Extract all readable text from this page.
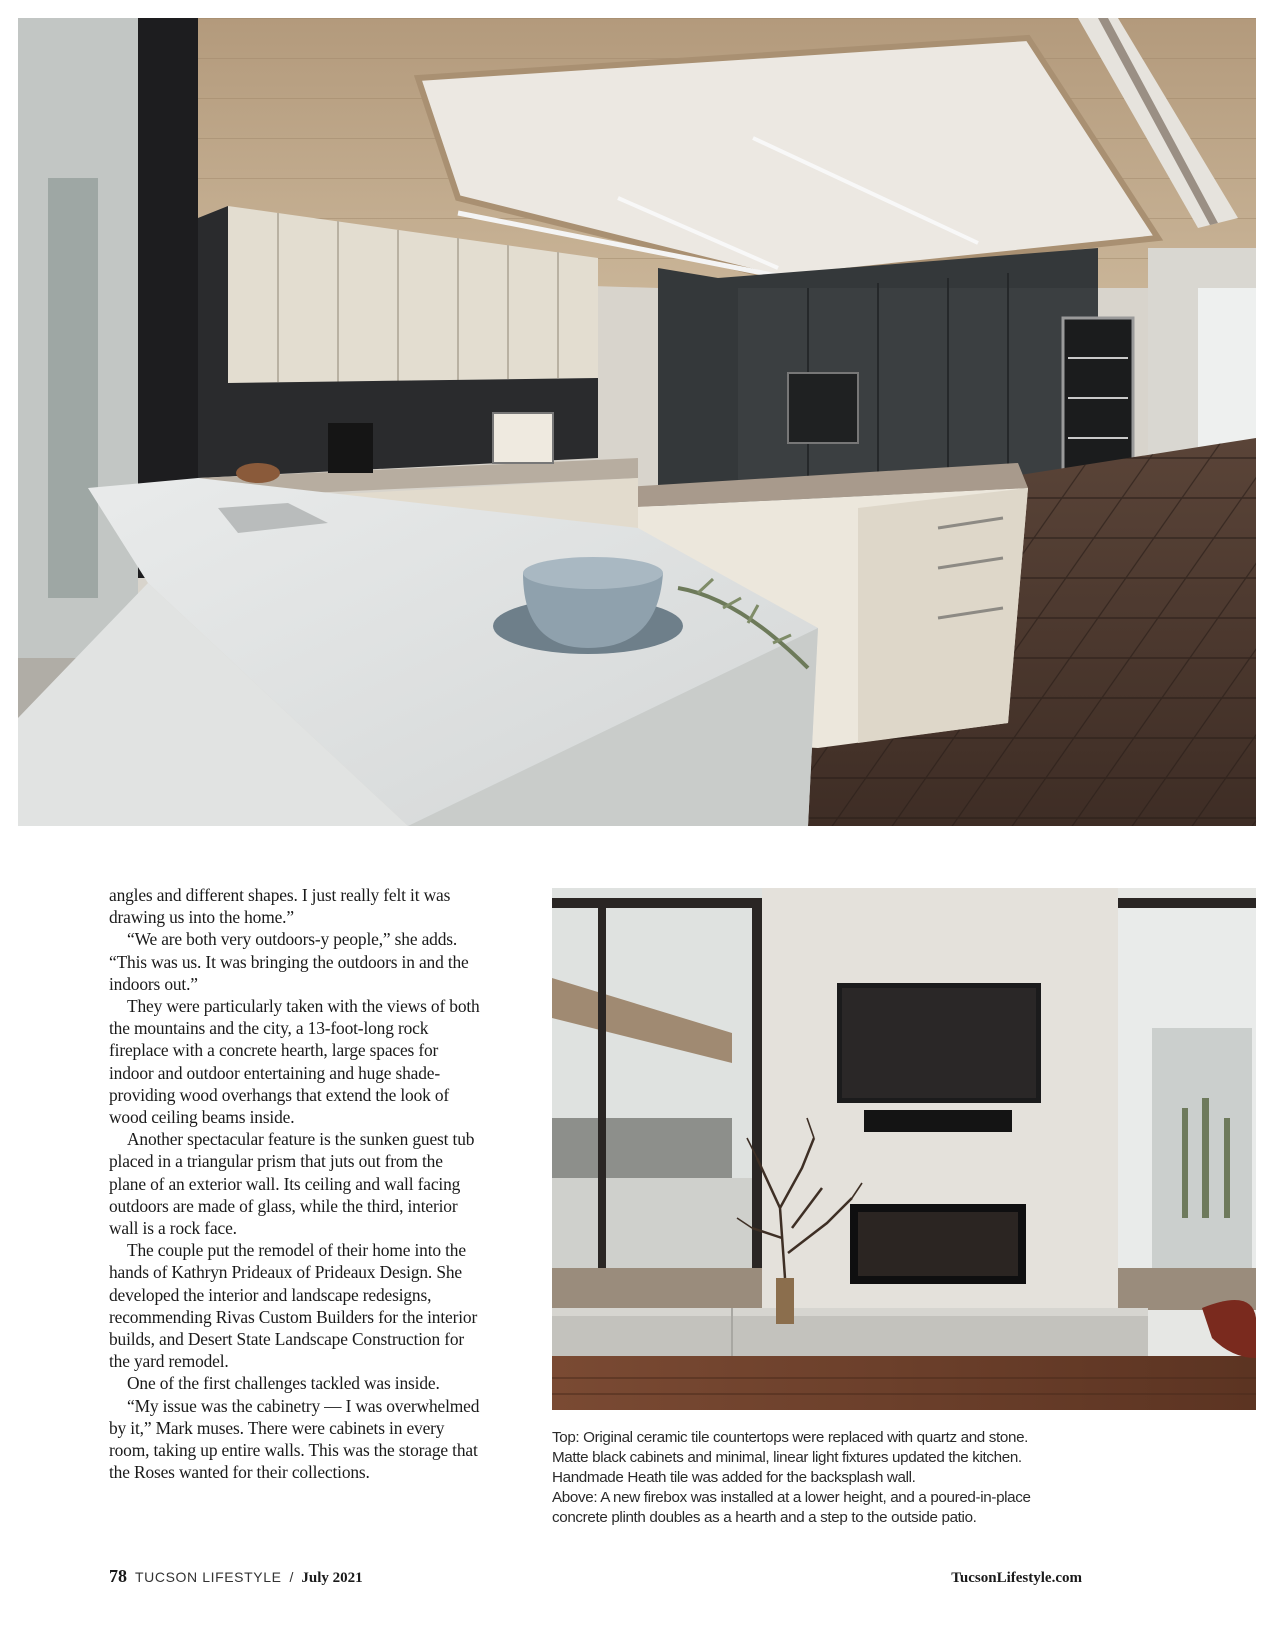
angles and different shapes. I just really felt it was drawing us into the home.”

“We are both very outdoors-y people,” she adds. “This was us. It was bringing the outdoors in and the indoors out.”

They were particularly taken with the views of both the mountains and the city, a 13-foot-long rock fireplace with a concrete hearth, large spaces for indoor and outdoor entertaining and huge shade-providing wood overhangs that extend the look of wood ceiling beams inside.

Another spectacular feature is the sunken guest tub placed in a triangular prism that juts out from the plane of an exterior wall. Its ceiling and wall facing outdoors are made of glass, while the third, interior wall is a rock face.

The couple put the remodel of their home into the hands of Kathryn Prideaux of Prideaux Design. She developed the interior and landscape redesigns, recommending Rivas Custom Builders for the interior builds, and Desert State Landscape Construction for the yard remodel.

One of the first challenges tackled was inside.

“My issue was the cabinetry — I was overwhelmed by it,” Mark muses. There were cabinets in every room, taking up entire walls. This was the storage that the Roses wanted for their collections.

Top: Original ceramic tile countertops were replaced with quartz and stone.
Matte black cabinets and minimal, linear light fixtures updated the kitchen.
Handmade Heath tile was added for the backsplash wall.
Above: A new firebox was installed at a lower height, and a poured-in-place
concrete plinth doubles as a hearth and a step to the outside patio.
78 TUCSON LIFESTYLE / July 2021	TucsonLifestyle.com
